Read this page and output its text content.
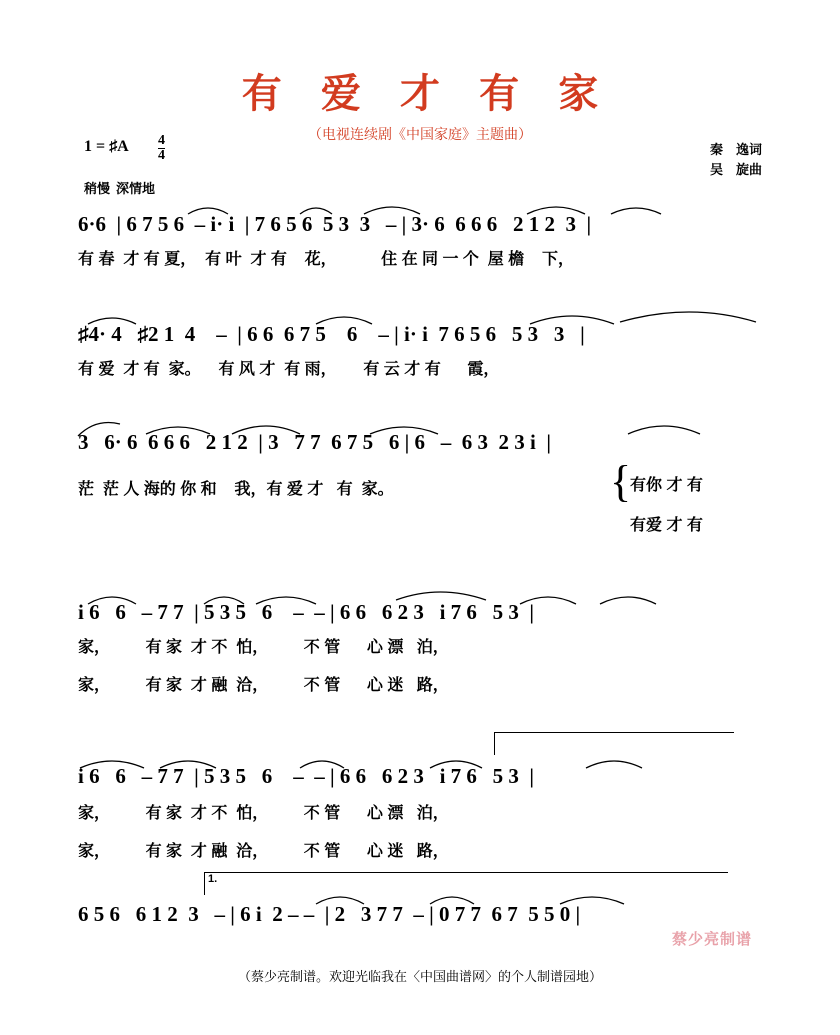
有 爱 才 有 家
（电视连续剧《中国家庭》主题曲）
1 = ♯A $\frac{4}{4}$
稍慢 深情地
秦　逸词
吴　旋曲
6·6  | 6 7 5 6  – i· i  | 7 6 5 6  5 3  3   – | 3· 6  6 6 6   2 1 2  3  |
有 春  才 有 夏，  有 叶  才 有    花，          住 在 同 一 个  屋 檐    下，
♯4· 4   ♯2 1  4    –  | 6 6  6 7 5    6    – | i· i  7 6 5 6   5 3   3   |
有 爱  才 有  家。    有 风 才  有 雨，      有 云 才 有      霞，
3   6· 6  6 6 6   2 1 2  | 3   7 7  6 7 5   6 | 6   –  6 3  2 3 i  |
茫  茫 人 海的 你 和    我，有 爱 才   有  家。	{
有你 才 有
有爱 才 有
i 6   6   – 7 7  | 5 3 5   6    –  – | 6 6   6 2 3   i 7 6   5 3  |
家，        有 家  才 不  怕，        不 管      心 漂   泊，
家，        有 家  才 融  洽，        不 管      心 迷   路，
i 6   6   – 7 7  | 5 3 5   6    –  – | 6 6   6 2 3   i 7 6   5 3  |
家，        有 家  才 不  怕，        不 管      心 漂   泊，
家，        有 家  才 融  洽，        不 管      心 迷   路，
1.
6 5 6   6 1 2  3   – | 6 i  2 – –  | 2   3 7 7  – | 0 7 7  6 7  5 5 0 |
蔡少亮制谱
（蔡少亮制谱。欢迎光临我在〈中国曲谱网〉的个人制谱园地）
